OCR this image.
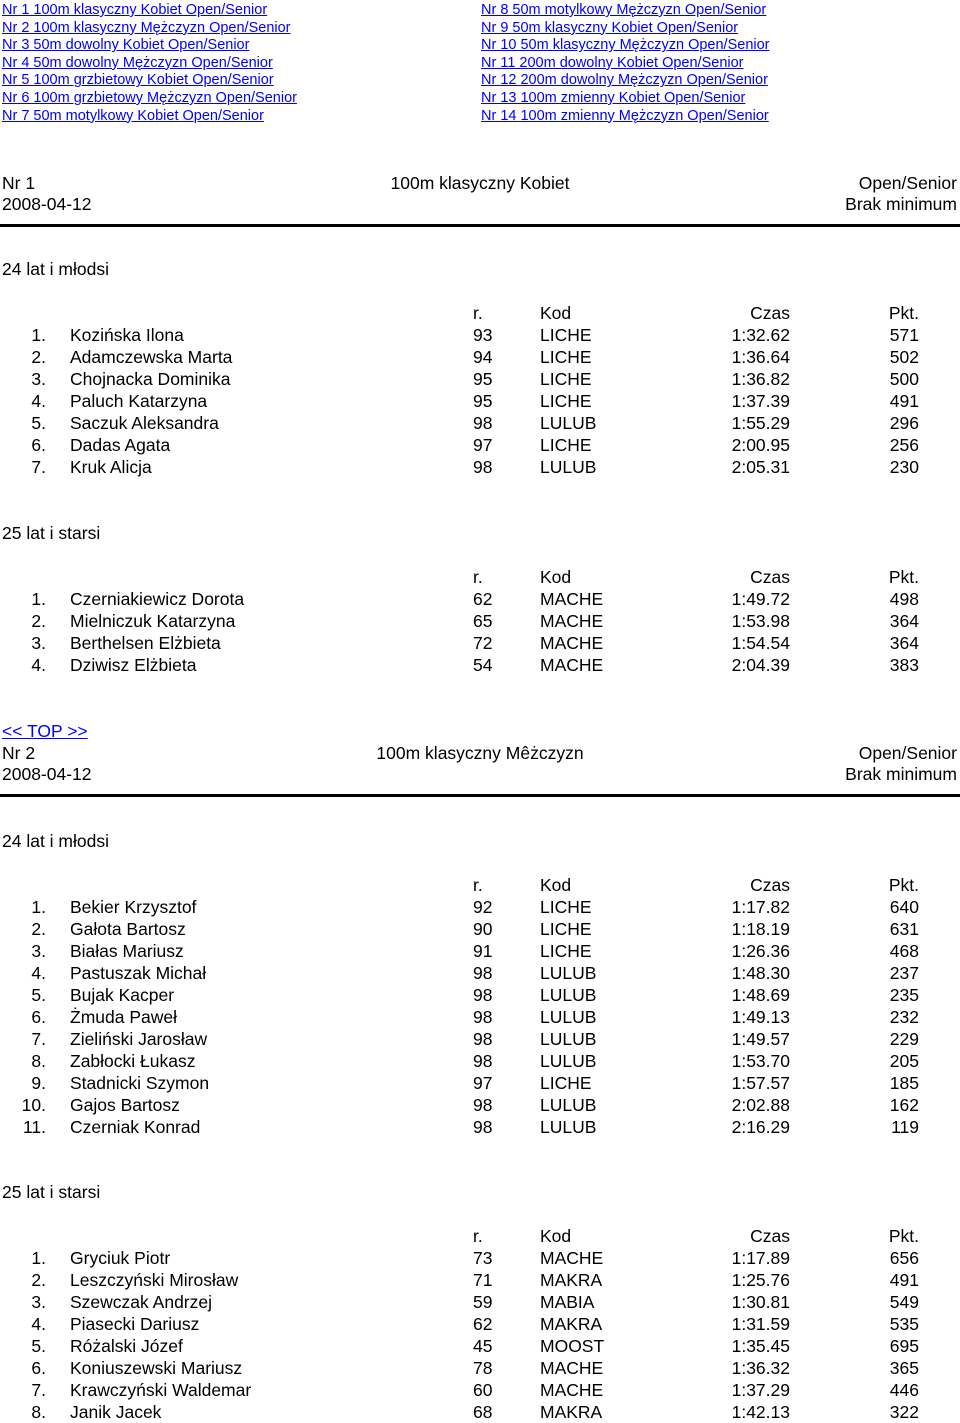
Nr 1 100m klasyczny Kobiet Open/Senior
Nr 2 100m klasyczny Mężczyzn Open/Senior
Nr 3 50m dowolny Kobiet Open/Senior
Nr 4 50m dowolny Mężczyzn Open/Senior
Nr 5 100m grzbietowy Kobiet Open/Senior
Nr 6 100m grzbietowy Mężczyzn Open/Senior
Nr 7 50m motylkowy Kobiet Open/Senior
Nr 8 50m motylkowy Mężczyzn Open/Senior
Nr 9 50m klasyczny Kobiet Open/Senior
Nr 10 50m klasyczny Mężczyzn Open/Senior
Nr 11 200m dowolny Kobiet Open/Senior
Nr 12 200m dowolny Mężczyzn Open/Senior
Nr 13 100m zmienny Kobiet Open/Senior
Nr 14 100m zmienny Mężczyzn Open/Senior
Nr 1	100m klasyczny Kobiet	Open/Senior
2008-04-12	Brak minimum
24 lat i młodsi
r.	Kod	Czas	Pkt.
1. Kozińska Ilona	93	LICHE	1:32.62	571
2. Adamczewska Marta	94	LICHE	1:36.64	502
3. Chojnacka Dominika	95	LICHE	1:36.82	500
4. Paluch Katarzyna	95	LICHE	1:37.39	491
5. Saczuk Aleksandra	98	LULUB	1:55.29	296
6. Dadas Agata	97	LICHE	2:00.95	256
7. Kruk Alicja	98	LULUB	2:05.31	230
25 lat i starsi
r.	Kod	Czas	Pkt.
1. Czerniakiewicz Dorota	62	MACHE	1:49.72	498
2. Mielniczuk Katarzyna	65	MACHE	1:53.98	364
3. Berthelsen Elżbieta	72	MACHE	1:54.54	364
4. Dziwisz Elżbieta	54	MACHE	2:04.39	383
<< TOP >>
Nr 2	100m klasyczny Mêżczyzn	Open/Senior
2008-04-12	Brak minimum
24 lat i młodsi
r.	Kod	Czas	Pkt.
1. Bekier Krzysztof	92	LICHE	1:17.82	640
2. Gałota Bartosz	90	LICHE	1:18.19	631
3. Białas Mariusz	91	LICHE	1:26.36	468
4. Pastuszak Michał	98	LULUB	1:48.30	237
5. Bujak Kacper	98	LULUB	1:48.69	235
6. Żmuda Paweł	98	LULUB	1:49.13	232
7. Zieliński Jarosław	98	LULUB	1:49.57	229
8. Zabłocki Łukasz	98	LULUB	1:53.70	205
9. Stadnicki Szymon	97	LICHE	1:57.57	185
10. Gajos Bartosz	98	LULUB	2:02.88	162
11. Czerniak Konrad	98	LULUB	2:16.29	119
25 lat i starsi
r.	Kod	Czas	Pkt.
1. Gryciuk Piotr	73	MACHE	1:17.89	656
2. Leszczyński Mirosław	71	MAKRA	1:25.76	491
3. Szewczak Andrzej	59	MABIA	1:30.81	549
4. Piasecki Dariusz	62	MAKRA	1:31.59	535
5. Różalski Józef	45	MOOST	1:35.45	695
6. Koniuszewski Mariusz	78	MACHE	1:36.32	365
7. Krawczyński Waldemar	60	MACHE	1:37.29	446
8. Janik Jacek	68	MAKRA	1:42.13	322
